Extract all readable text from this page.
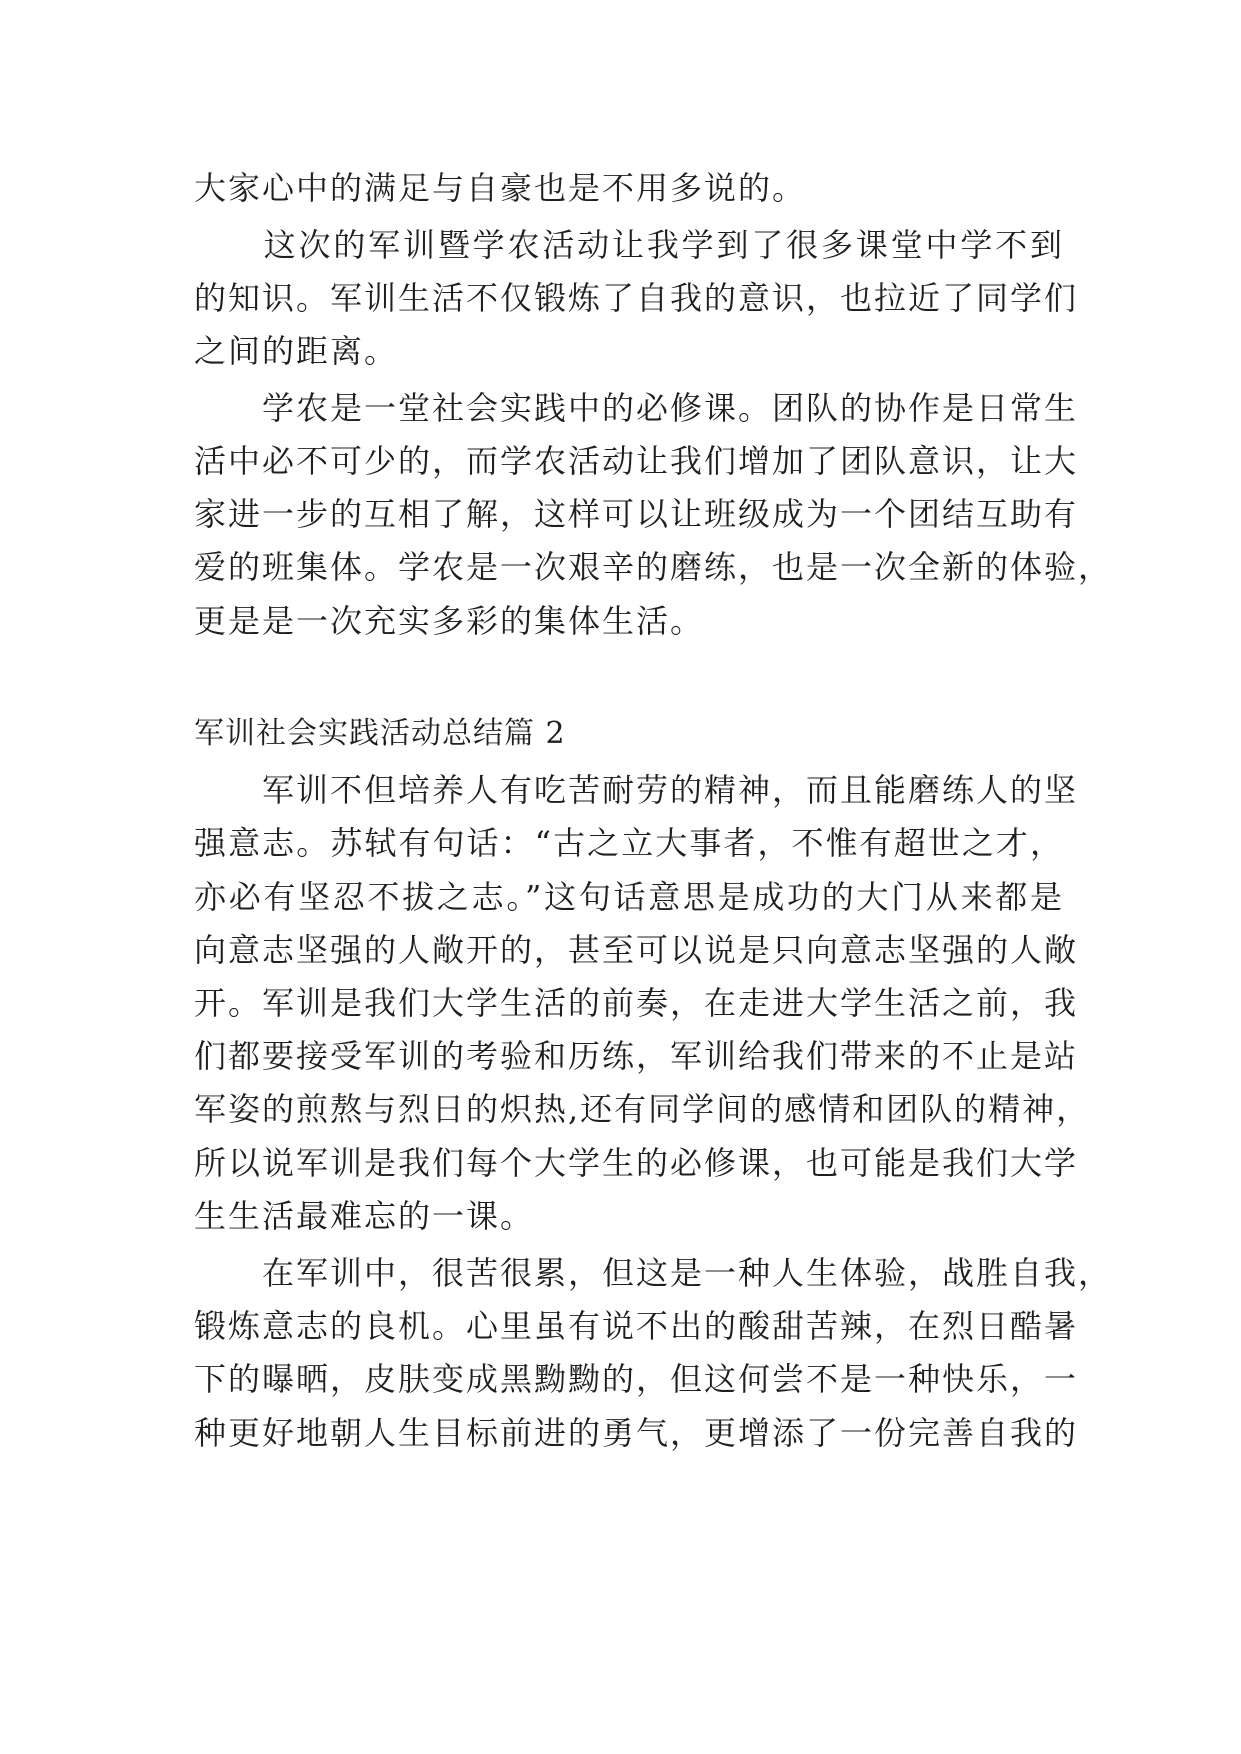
大家心中的满足与自豪也是不用多说的。
　　这次的军训暨学农活动让我学到了很多课堂中学不到
的知识。军训生活不仅锻炼了自我的意识，也拉近了同学们
之间的距离。
　　学农是一堂社会实践中的必修课。团队的协作是日常生
活中必不可少的，而学农活动让我们增加了团队意识，让大
家进一步的互相了解，这样可以让班级成为一个团结互助有
爱的班集体。学农是一次艰辛的磨练，也是一次全新的体验，
更是是一次充实多彩的集体生活。
军训社会实践活动总结篇 2
　　军训不但培养人有吃苦耐劳的精神，而且能磨练人的坚
强意志。苏轼有句话：“古之立大事者，不惟有超世之才，
亦必有坚忍不拔之志。”这句话意思是成功的大门从来都是
向意志坚强的人敞开的，甚至可以说是只向意志坚强的人敞
开。军训是我们大学生活的前奏，在走进大学生活之前，我
们都要接受军训的考验和历练，军训给我们带来的不止是站
军姿的煎熬与烈日的炽热,还有同学间的感情和团队的精神，
所以说军训是我们每个大学生的必修课，也可能是我们大学
生生活最难忘的一课。
　　在军训中，很苦很累，但这是一种人生体验，战胜自我，
锻炼意志的良机。心里虽有说不出的酸甜苦辣，在烈日酷暑
下的曝晒，皮肤变成黑黝黝的，但这何尝不是一种快乐，一
种更好地朝人生目标前进的勇气，更增添了一份完善自我的
